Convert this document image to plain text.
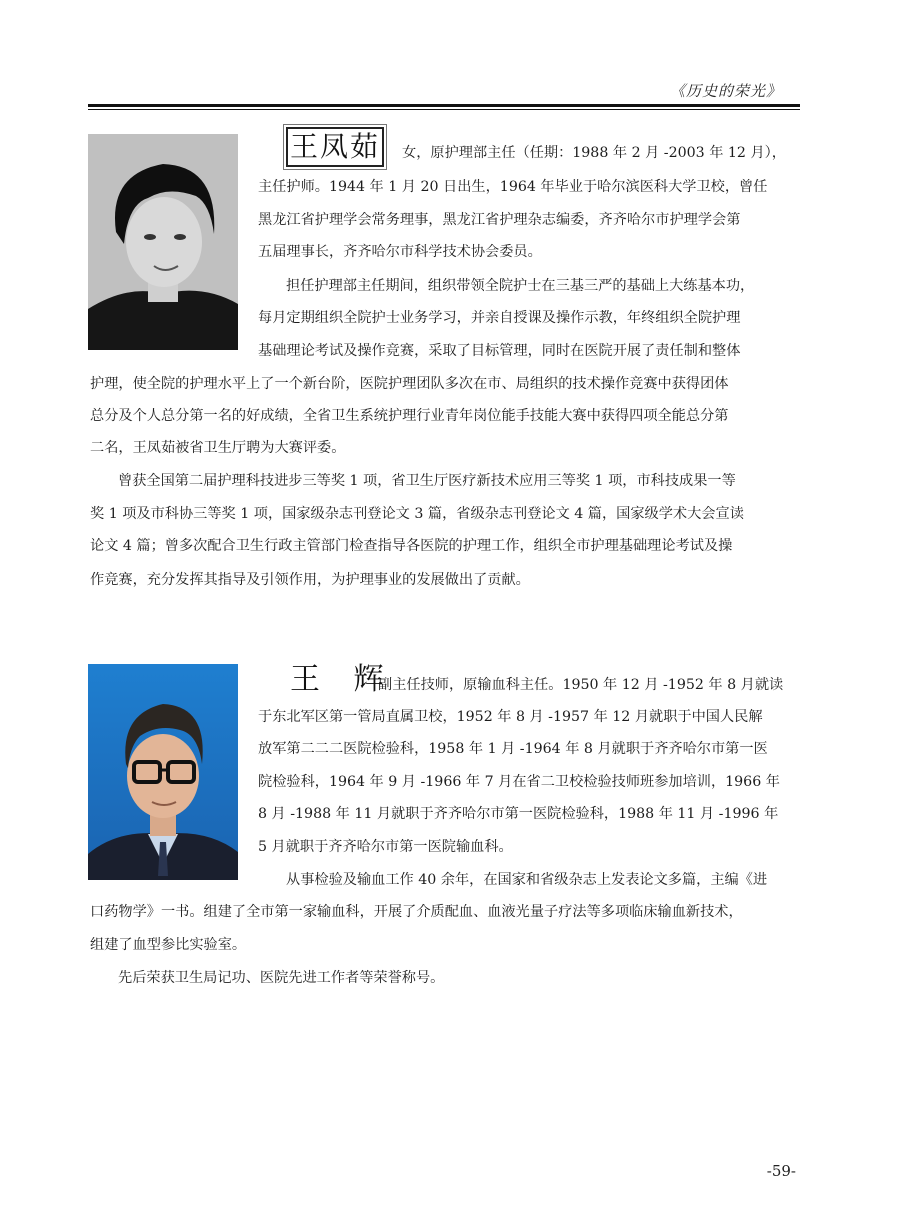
《历史的荣光》
王凤茹 女，原护理部主任（任期：1988 年 2 月 -2003 年 12 月），
主任护师。1944 年 1 月 20 日出生，1964 年毕业于哈尔滨医科大学卫校，曾任
黑龙江省护理学会常务理事，黑龙江省护理杂志编委，齐齐哈尔市护理学会第
五届理事长，齐齐哈尔市科学技术协会委员。
担任护理部主任期间，组织带领全院护士在三基三严的基础上大练基本功，
每月定期组织全院护士业务学习，并亲自授课及操作示教，年终组织全院护理
基础理论考试及操作竞赛，采取了目标管理，同时在医院开展了责任制和整体
护理，使全院的护理水平上了一个新台阶，医院护理团队多次在市、局组织的技术操作竞赛中获得团体
总分及个人总分第一名的好成绩，全省卫生系统护理行业青年岗位能手技能大赛中获得四项全能总分第
二名，王凤茹被省卫生厅聘为大赛评委。
曾获全国第二届护理科技进步三等奖 1 项，省卫生厅医疗新技术应用三等奖 1 项，市科技成果一等
奖 1 项及市科协三等奖 1 项，国家级杂志刊登论文 3 篇，省级杂志刊登论文 4 篇，国家级学术大会宣读
论文 4 篇；曾多次配合卫生行政主管部门检查指导各医院的护理工作，组织全市护理基础理论考试及操
作竞赛，充分发挥其指导及引领作用，为护理事业的发展做出了贡献。
王 辉
副主任技师，原输血科主任。1950 年 12 月 -1952 年 8 月就读
于东北军区第一管局直属卫校，1952 年 8 月 -1957 年 12 月就职于中国人民解
放军第二二二医院检验科，1958 年 1 月 -1964 年 8 月就职于齐齐哈尔市第一医
院检验科，1964 年 9 月 -1966 年 7 月在省二卫校检验技师班参加培训，1966 年
8 月 -1988 年 11 月就职于齐齐哈尔市第一医院检验科，1988 年 11 月 -1996 年
5 月就职于齐齐哈尔市第一医院输血科。
从事检验及输血工作 40 余年，在国家和省级杂志上发表论文多篇，主编《进
口药物学》一书。组建了全市第一家输血科，开展了介质配血、血液光量子疗法等多项临床输血新技术，
组建了血型参比实验室。
先后荣获卫生局记功、医院先进工作者等荣誉称号。
-59-
